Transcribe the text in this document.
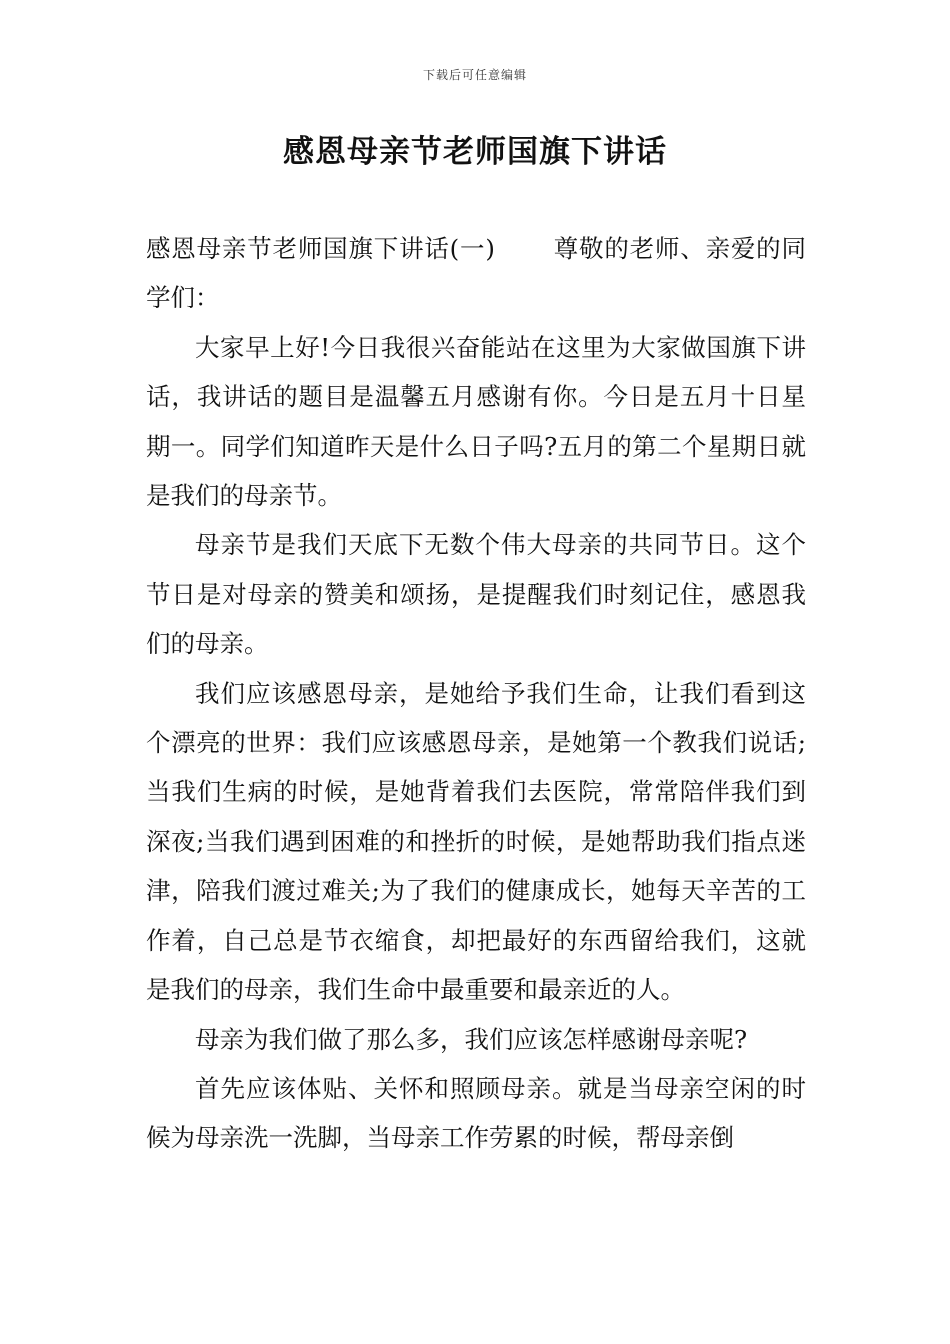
下载后可任意编辑
感恩母亲节老师国旗下讲话

感恩母亲节老师国旗下讲话(一) 尊敬的老师、亲爱的同学们：

大家早上好!今日我很兴奋能站在这里为大家做国旗下讲话，我讲话的题目是温馨五月感谢有你。今日是五月十日星期一。同学们知道昨天是什么日子吗?五月的第二个星期日就是我们的母亲节。

母亲节是我们天底下无数个伟大母亲的共同节日。这个节日是对母亲的赞美和颂扬，是提醒我们时刻记住，感恩我们的母亲。

我们应该感恩母亲，是她给予我们生命，让我们看到这个漂亮的世界：我们应该感恩母亲，是她第一个教我们说话;当我们生病的时候，是她背着我们去医院，常常陪伴我们到深夜;当我们遇到困难的和挫折的时候，是她帮助我们指点迷津，陪我们渡过难关;为了我们的健康成长，她每天辛苦的工作着，自己总是节衣缩食，却把最好的东西留给我们，这就是我们的母亲，我们生命中最重要和最亲近的人。

母亲为我们做了那么多，我们应该怎样感谢母亲呢?

首先应该体贴、关怀和照顾母亲。就是当母亲空闲的时候为母亲洗一洗脚，当母亲工作劳累的时候，帮母亲倒
